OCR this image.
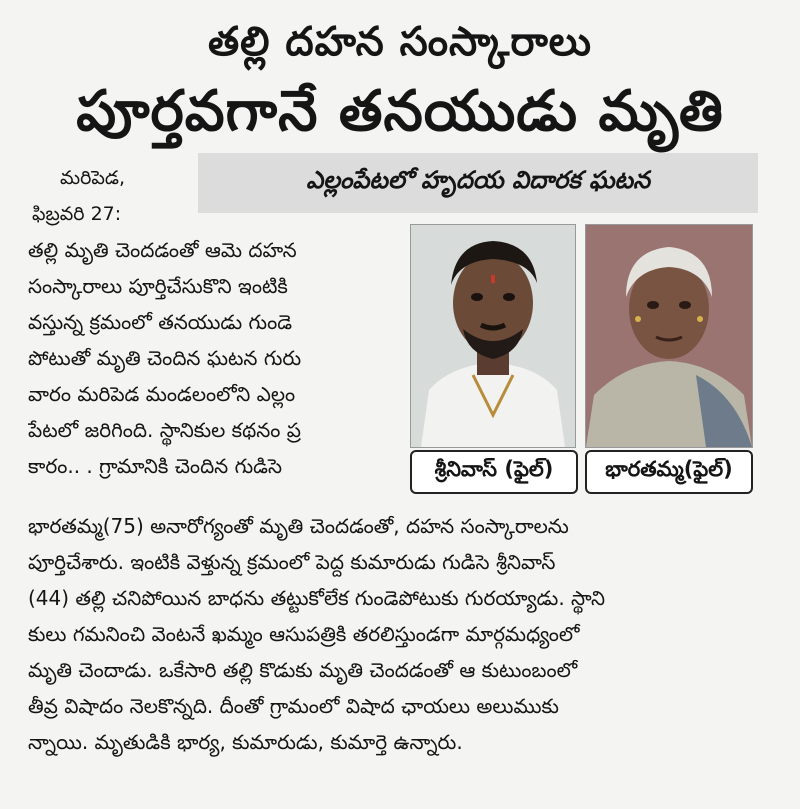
తల్లి దహన సంస్కారాలు
పూర్తవగానే తనయుడు మృతి
మరిపెడ,
ఫిబ్రవరి 27:
ఎల్లంపేటలో హృదయ విదారక ఘటన
తల్లి మృతి చెందడంతో ఆమె దహన
సంస్కారాలు పూర్తిచేసుకొని ఇంటికి
వస్తున్న క్రమంలో తనయుడు గుండె
పోటుతో మృతి చెందిన ఘటన గురు
వారం మరిపెడ మండలంలోని ఎల్లం
పేటలో జరిగింది. స్థానికుల కథనం ప్ర
కారం.. . గ్రామానికి చెందిన గుడిసె	శ్రీనివాస్ (ఫైల్) భారతమ్మ(ఫైల్)
భారతమ్మ(75) అనారోగ్యంతో మృతి చెందడంతో, దహన సంస్కారాలను
పూర్తిచేశారు. ఇంటికి వెళ్తున్న క్రమంలో పెద్ద కుమారుడు గుడిసె శ్రీనివాస్
(44) తల్లి చనిపోయిన బాధను తట్టుకోలేక గుండెపోటుకు గురయ్యాడు. స్థాని
కులు గమనించి వెంటనే ఖమ్మం ఆసుపత్రికి తరలిస్తుండగా మార్గమధ్యంలో
మృతి చెందాడు. ఒకేసారి తల్లి కొడుకు మృతి చెందడంతో ఆ కుటుంబంలో
తీవ్ర విషాదం నెలకొన్నది. దీంతో గ్రామంలో విషాద ఛాయలు అలుముకు
న్నాయి. మృతుడికి భార్య, కుమారుడు, కుమార్తె ఉన్నారు.
